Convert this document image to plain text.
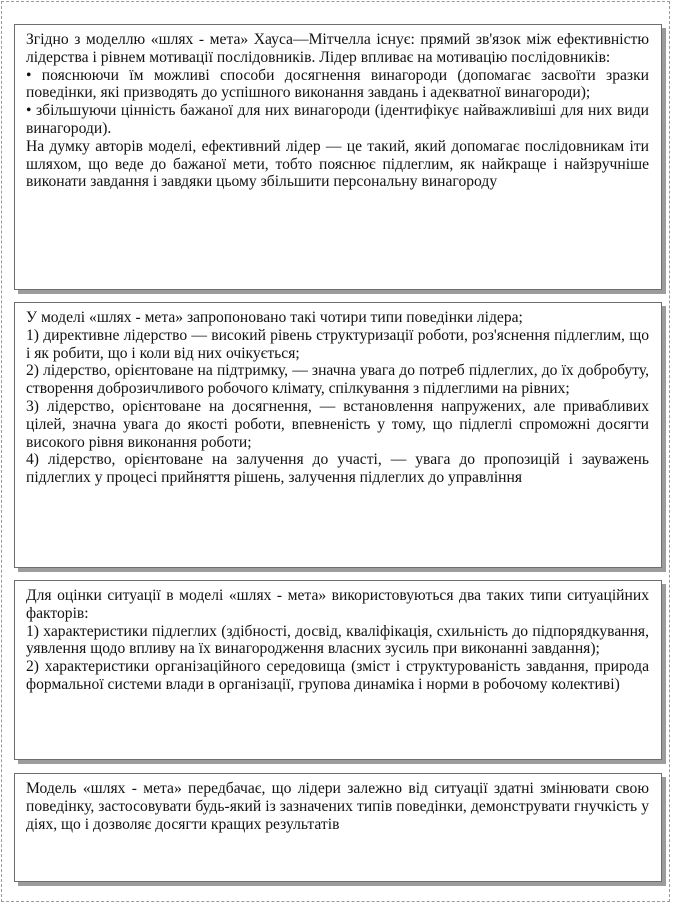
Згідно з моделлю «шлях - мета» Хауса—Мітчелла існує: прямий зв'язок між ефективністю лідерства і рівнем мотивації послідовників. Лідер впливає на мотивацію послідовників:

• пояснюючи їм можливі способи досягнення винагороди (допомагає засвоїти зразки поведінки, які призводять до успішного виконання завдань і адекватної винагороди);

• збільшуючи цінність бажаної для них винагороди (ідентифікує найважливіші для них види винагороди).

На думку авторів моделі, ефективний лідер — це такий, який допомагає послідовникам іти шляхом, що веде до бажаної мети, тобто пояснює підлеглим, як найкраще і найзручніше виконати завдання і завдяки цьому збільшити персональну винагороду

У моделі «шлях - мета» запропоновано такі чотири типи поведінки лідера;

1) директивне лідерство — високий рівень структуризації роботи, роз'яснення підлеглим, що і як робити, що і коли від них очікується;

2) лідерство, орієнтоване на підтримку, — значна увага до потреб підлеглих, до їх добробуту, створення доброзичливого робочого клімату, спілкування з підлеглими на рівних;

3) лідерство, орієнтоване на досягнення, — встановлення напружених, але привабливих цілей, значна увага до якості роботи, впевненість у тому, що підлеглі спроможні досягти високого рівня виконання роботи;

4) лідерство, орієнтоване на залучення до участі, — увага до пропозицій і зауважень підлеглих у процесі прийняття рішень, залучення підлеглих до управління

Для оцінки ситуації в моделі «шлях - мета» використовуються два таких типи ситуаційних факторів:

1) характеристики підлеглих (здібності, досвід, кваліфікація, схильність до підпорядкування, уявлення щодо впливу на їх винагородження власних зусиль при виконанні завдання);

2) характеристики організаційного середовища (зміст і структурованість завдання, природа формальної системи влади в організації, групова динаміка і норми в робочому колективі)

Модель «шлях - мета» передбачає, що лідери залежно від ситуації здатні змінювати свою поведінку, застосовувати будь-який із зазначених типів поведінки, демонструвати гнучкість у діях, що і дозволяє досягти кращих результатів
